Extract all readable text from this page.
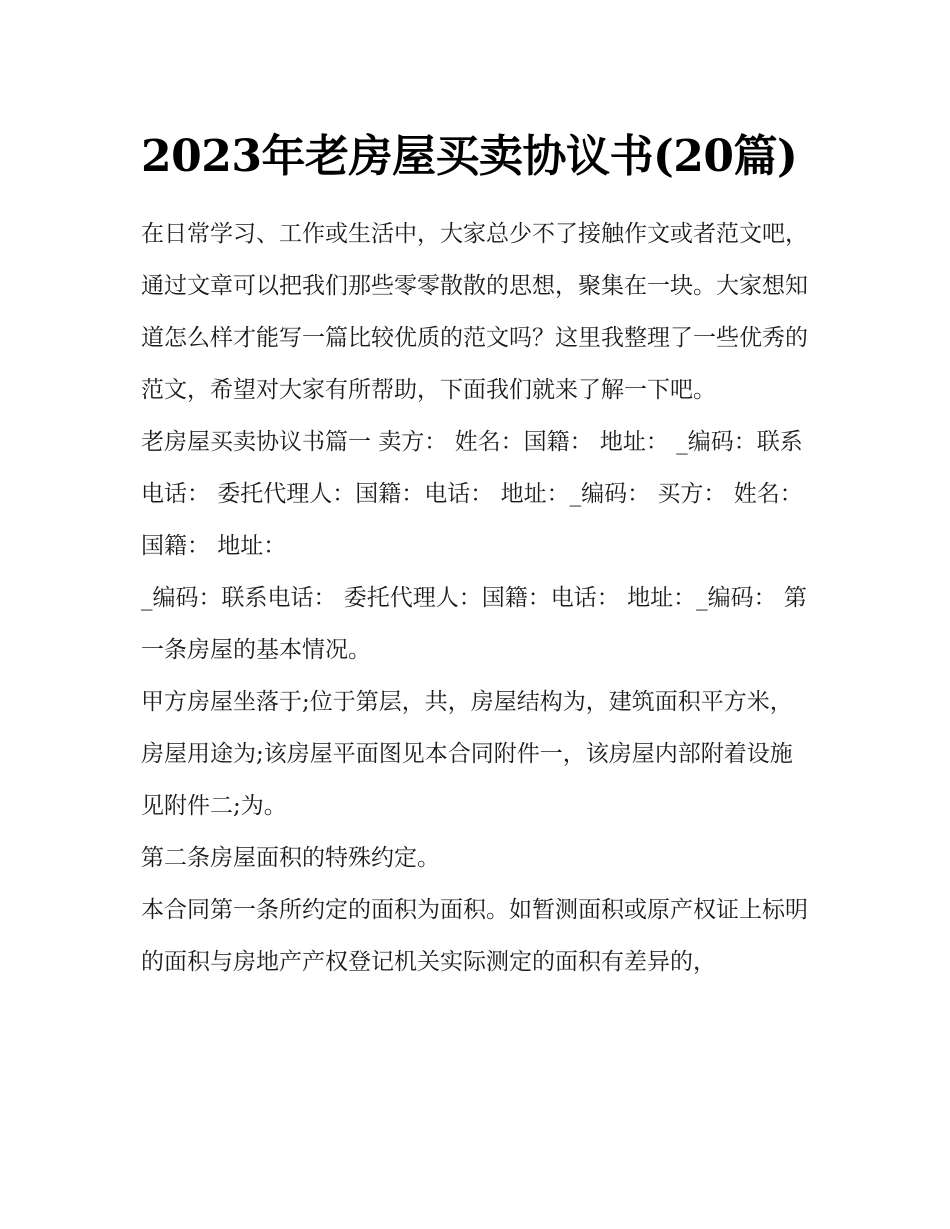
2023年老房屋买卖协议书(20篇)

在日常学习、工作或生活中，大家总少不了接触作文或者范文吧，通过文章可以把我们那些零零散散的思想，聚集在一块。大家想知道怎么样才能写一篇比较优质的范文吗？这里我整理了一些优秀的范文，希望对大家有所帮助，下面我们就来了解一下吧。

老房屋买卖协议书篇一 卖方： 姓名：国籍： 地址： _编码：联系电话： 委托代理人：国籍：电话： 地址：_编码： 买方： 姓名：国籍： 地址：

_编码：联系电话： 委托代理人：国籍：电话： 地址：_编码： 第一条房屋的基本情况。

甲方房屋坐落于;位于第层，共，房屋结构为，建筑面积平方米，房屋用途为;该房屋平面图见本合同附件一，该房屋内部附着设施见附件二;为。

第二条房屋面积的特殊约定。

本合同第一条所约定的面积为面积。如暂测面积或原产权证上标明的面积与房地产产权登记机关实际测定的面积有差异的，
